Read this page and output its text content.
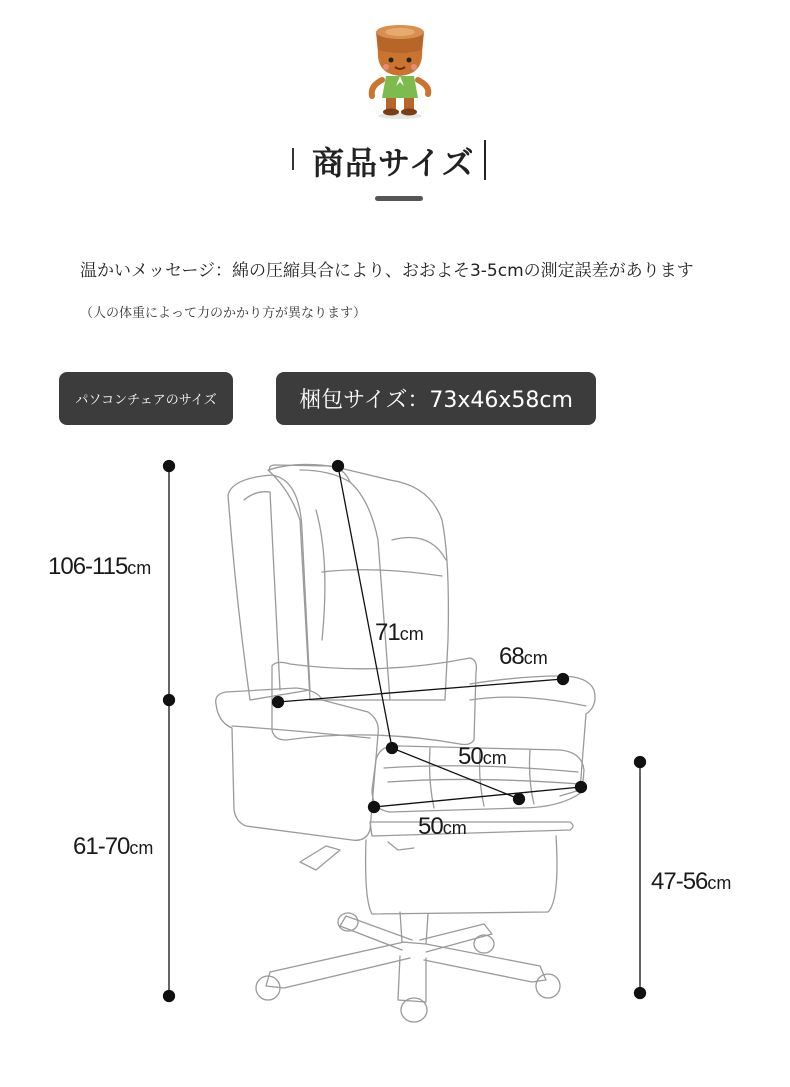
商品サイズ
温かいメッセージ：綿の圧縮具合により、おおよそ3-5cmの測定誤差があります
（人の体重によって力のかかり方が異なります）
パソコンチェアのサイズ	梱包サイズ：73x46x58cm
106-115cm
71cm
68cm
50cm
50cm
61-70cm
47-56cm
